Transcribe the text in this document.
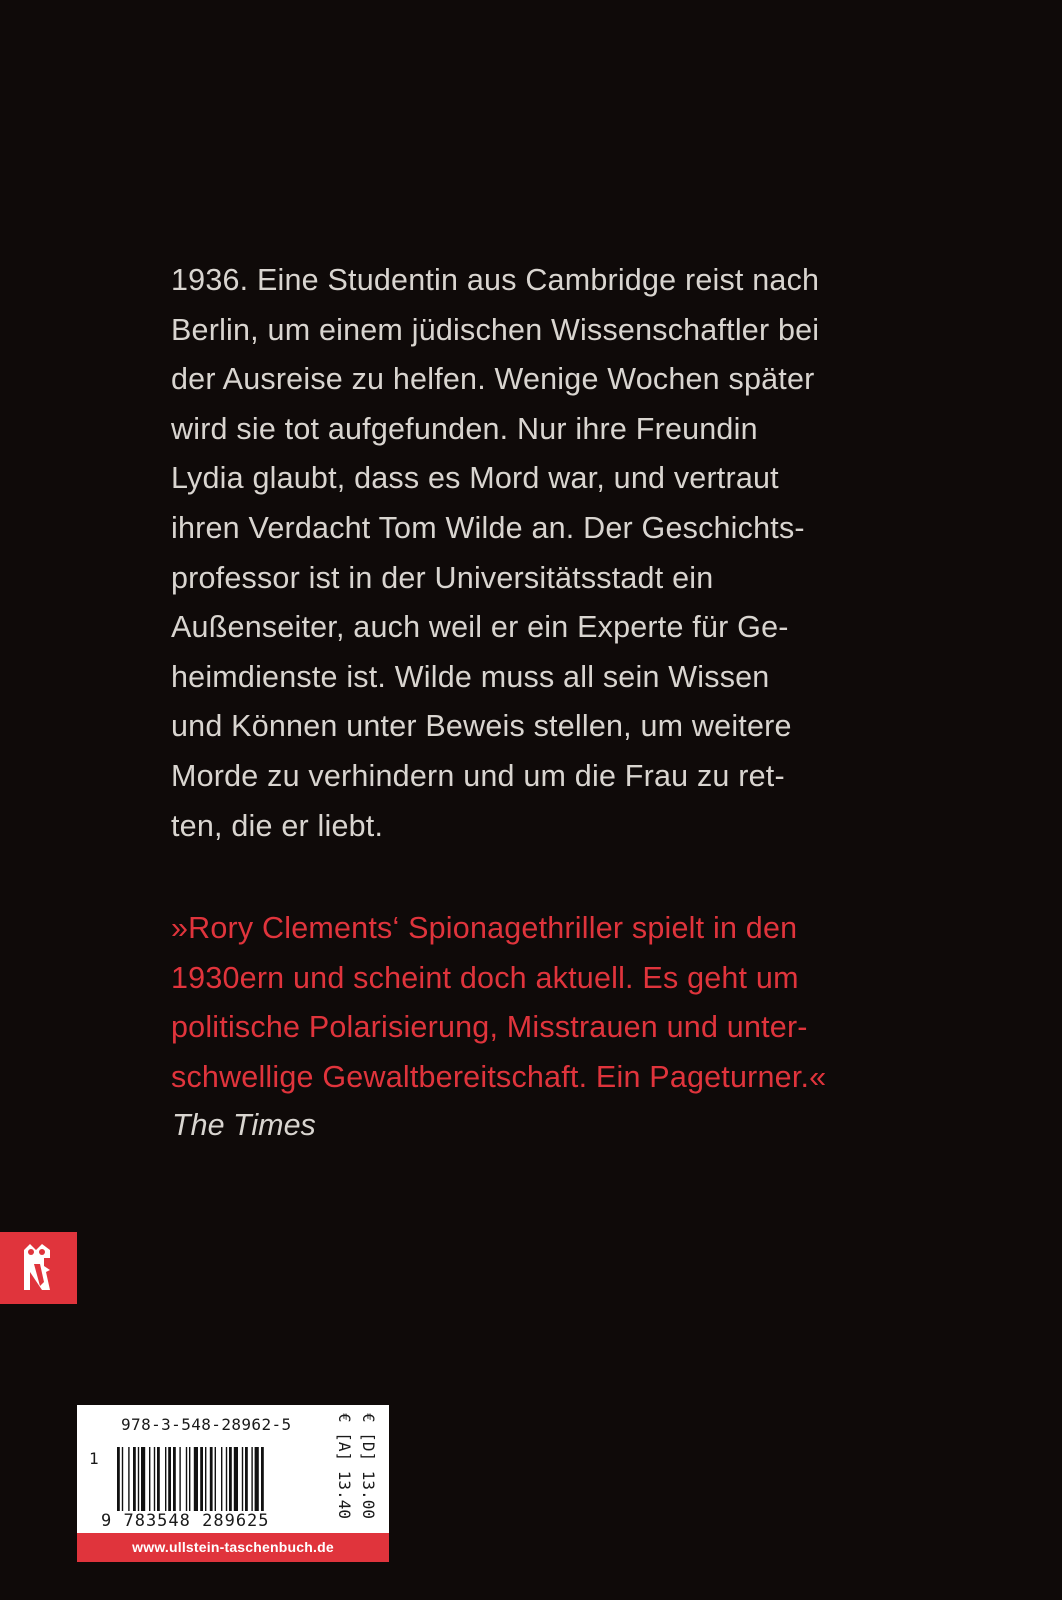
1936. Eine Studentin aus Cambridge reist nach
Berlin, um einem jüdischen Wissenschaftler bei
der Ausreise zu helfen. Wenige Wochen später
wird sie tot aufgefunden. Nur ihre Freundin
Lydia glaubt, dass es Mord war, und vertraut
ihren Verdacht Tom Wilde an. Der Geschichts-
professor ist in der Universitätsstadt ein
Außenseiter, auch weil er ein Experte für Ge-
heimdienste ist. Wilde muss all sein Wissen
und Können unter Beweis stellen, um weitere
Morde zu verhindern und um die Frau zu ret-
ten, die er liebt.
»Rory Clements‘ Spionagethriller spielt in den
1930ern und scheint doch aktuell. Es geht um
politische Polarisierung, Misstrauen und unter-
schwellige Gewaltbereitschaft. Ein Pageturner.«
The Times
978-3-548-28962-5
1
9 783548 289625
€ [D] 13.00
€ [A] 13.40
www.ullstein-taschenbuch.de
